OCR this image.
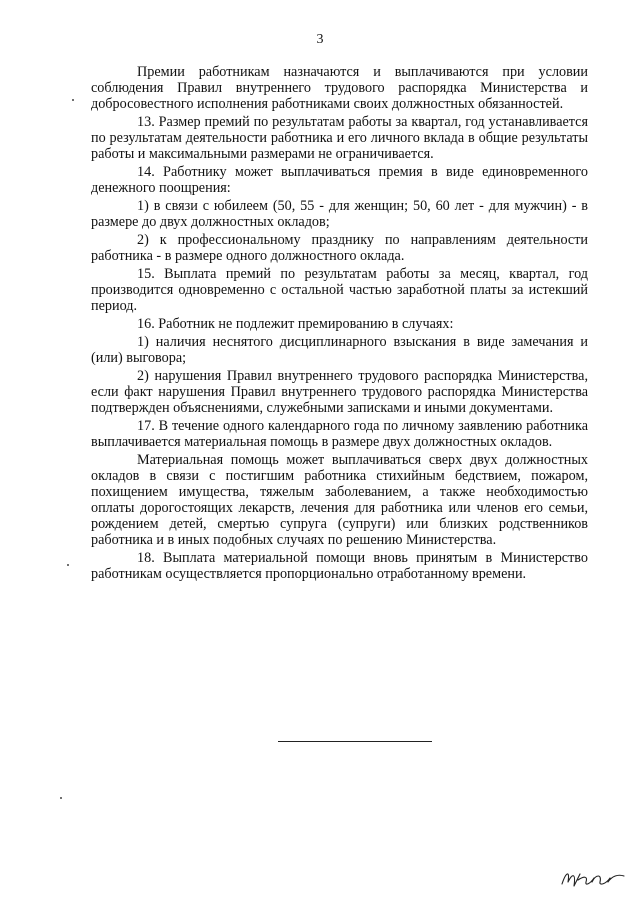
3

Премии работникам назначаются и выплачиваются при условии соблюдения Правил внутреннего трудового распорядка Министерства и добросовестного исполнения работниками своих должностных обязанностей.

13. Размер премий по результатам работы за квартал, год устанавливается по результатам деятельности работника и его личного вклада в общие результаты работы и максимальными размерами не ограничивается.

14. Работнику может выплачиваться премия в виде единовременного денежного поощрения:

1) в связи с юбилеем (50, 55 - для женщин; 50, 60 лет - для мужчин) - в размере до двух должностных окладов;

2) к профессиональному празднику по направлениям деятельности работника - в размере одного должностного оклада.

15. Выплата премий по результатам работы за месяц, квартал, год производится одновременно с остальной частью заработной платы за истекший период.

16. Работник не подлежит премированию в случаях:

1) наличия неснятого дисциплинарного взыскания в виде замечания и (или) выговора;

2) нарушения Правил внутреннего трудового распорядка Министерства, если факт нарушения Правил внутреннего трудового распорядка Министерства подтвержден объяснениями, служебными записками и иными документами.

17. В течение одного календарного года по личному заявлению работника выплачивается материальная помощь в размере двух должностных окладов.

Материальная помощь может выплачиваться сверх двух должностных окладов в связи с постигшим работника стихийным бедствием, пожаром, похищением имущества, тяжелым заболеванием, а также необходимостью оплаты дорогостоящих лекарств, лечения для работника или членов его семьи, рождением детей, смертью супруга (супруги) или близких родственников работника и в иных подобных случаях по решению Министерства.

18. Выплата материальной помощи вновь принятым в Министерство работникам осуществляется пропорционально отработанному времени.
